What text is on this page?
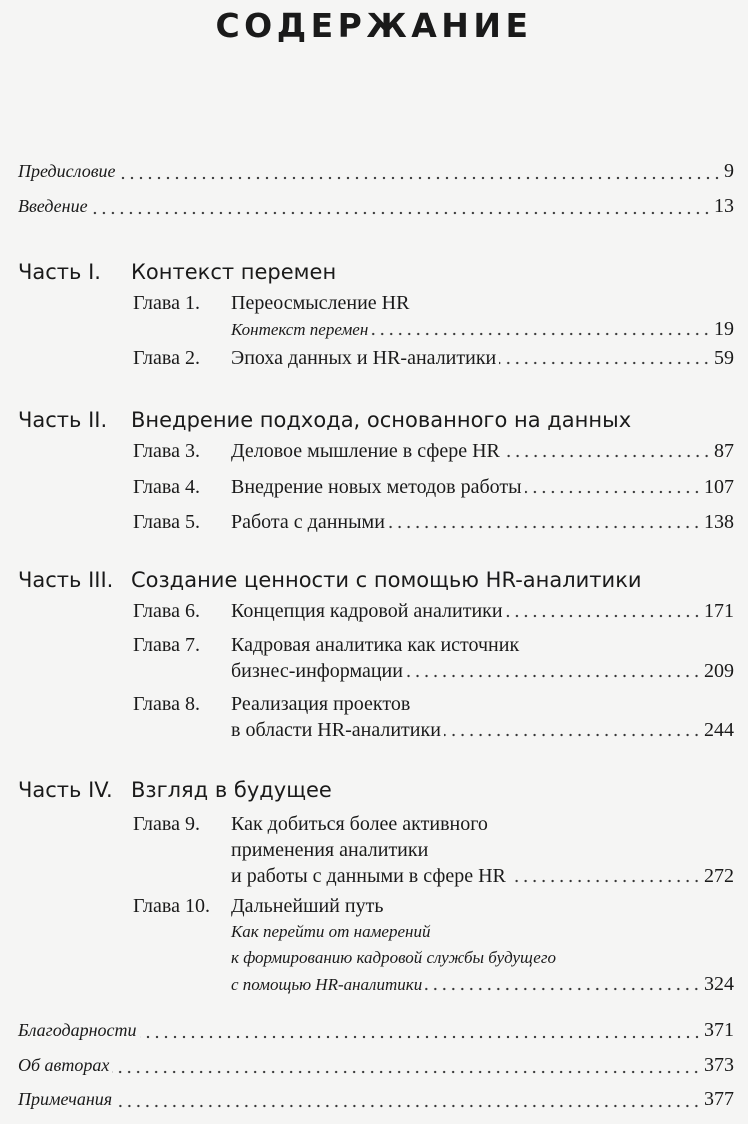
СОДЕРЖАНИЕ
Предисловие	9
Введение	13
Часть I. Контекст перемен
Глава 1. Переосмысление HR
Контекст перемен	19
Глава 2. Эпоха данных и HR-аналитики	59
Часть II. Внедрение подхода, основанного на данных
Глава 3. Деловое мышление в сфере HR	87
Глава 4. Внедрение новых методов работы	107
Глава 5. Работа с данными	138
Часть III. Создание ценности с помощью HR-аналитики
Глава 6. Концепция кадровой аналитики	171
Глава 7. Кадровая аналитика как источник
бизнес-информации	209
Глава 8. Реализация проектов
в области HR-аналитики	244
Часть IV. Взгляд в будущее
Глава 9. Как добиться более активного
применения аналитики
и работы с данными в сфере HR	272
Глава 10. Дальнейший путь
Как перейти от намерений
к формированию кадровой службы будущего
с помощью HR-аналитики	324
Благодарности	371
Об авторах	373
Примечания	377
